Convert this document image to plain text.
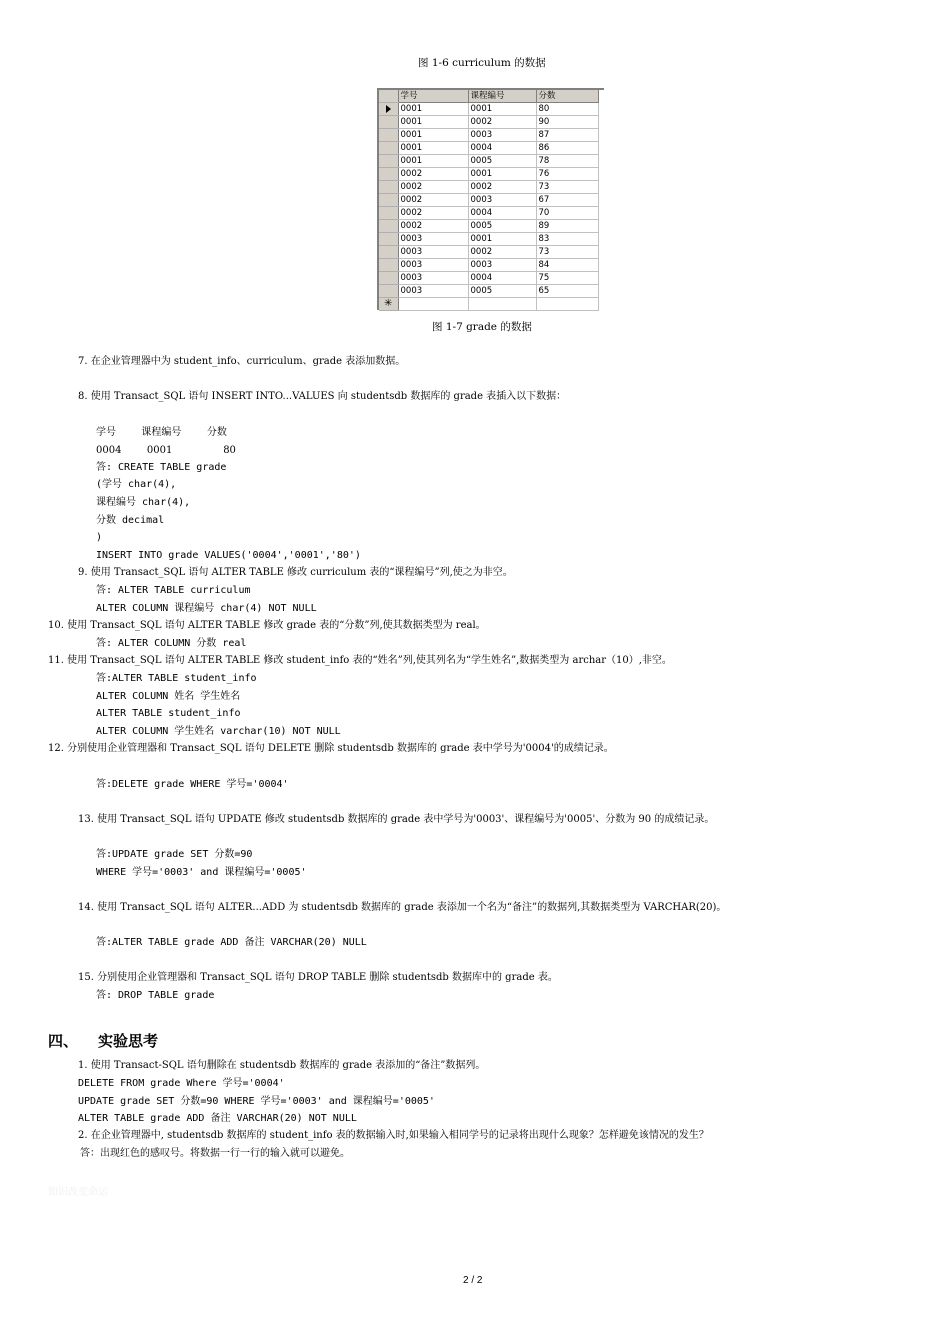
图 1-6 curriculum 的数据
	学号	课程编号	分数
	0001	0001	80
	0001	0002	90
	0001	0003	87
	0001	0004	86
	0001	0005	78
	0002	0001	76
	0002	0002	73
	0002	0003	67
	0002	0004	70
	0002	0005	89
	0003	0001	83
	0003	0002	73
	0003	0003	84
	0003	0004	75
	0003	0005	65
✳			
图 1-7 grade 的数据
7. 在企业管理器中为 student_info、curriculum、grade 表添加数据。
8. 使用 Transact_SQL 语句 INSERT INTO...VALUES 向 studentsdb 数据库的 grade 表插入以下数据：
学号        课程编号        分数
0004        0001                80
答: CREATE TABLE grade
(学号 char(4),
课程编号 char(4),
分数 decimal
)
INSERT INTO grade VALUES('0004','0001','80')
9. 使用 Transact_SQL 语句 ALTER TABLE 修改 curriculum 表的“课程编号”列,使之为非空。
答: ALTER TABLE curriculum
ALTER COLUMN 课程编号 char(4) NOT NULL
10. 使用 Transact_SQL 语句 ALTER TABLE 修改 grade 表的“分数”列,使其数据类型为 real。
答: ALTER COLUMN 分数 real
11. 使用 Transact_SQL 语句 ALTER TABLE 修改 student_info 表的“姓名”列,使其列名为“学生姓名”,数据类型为 archar（10）,非空。
答:ALTER TABLE student_info
ALTER COLUMN 姓名 学生姓名
ALTER TABLE student_info
ALTER COLUMN 学生姓名 varchar(10) NOT NULL
12. 分别使用企业管理器和 Transact_SQL 语句 DELETE 删除 studentsdb 数据库的 grade 表中学号为'0004'的成绩记录。
答:DELETE grade WHERE 学号='0004'
13. 使用 Transact_SQL 语句 UPDATE 修改 studentsdb 数据库的 grade 表中学号为'0003'、课程编号为'0005'、分数为 90 的成绩记录。
答:UPDATE grade SET 分数=90
WHERE 学号='0003' and 课程编号='0005'
14. 使用 Transact_SQL 语句 ALTER...ADD 为 studentsdb 数据库的 grade 表添加一个名为“备注”的数据列,其数据类型为 VARCHAR(20)。
答:ALTER TABLE grade ADD 备注 VARCHAR(20) NULL
15. 分别使用企业管理器和 Transact_SQL 语句 DROP TABLE 删除 studentsdb 数据库中的 grade 表。
答: DROP TABLE grade
四、 实验思考
1. 使用 Transact-SQL 语句删除在 studentsdb 数据库的 grade 表添加的“备注”数据列。
DELETE FROM grade Where 学号='0004'
UPDATE grade SET 分数=90 WHERE 学号='0003' and 课程编号='0005'
ALTER TABLE grade ADD 备注 VARCHAR(20) NOT NULL
2. 在企业管理器中, studentsdb 数据库的 student_info 表的数据输入时,如果输入相同学号的记录将出现什么现象？怎样避免该情况的发生？
答：出现红色的感叹号。将数据一行一行的输入就可以避免。
知识改变命运
2 / 2
